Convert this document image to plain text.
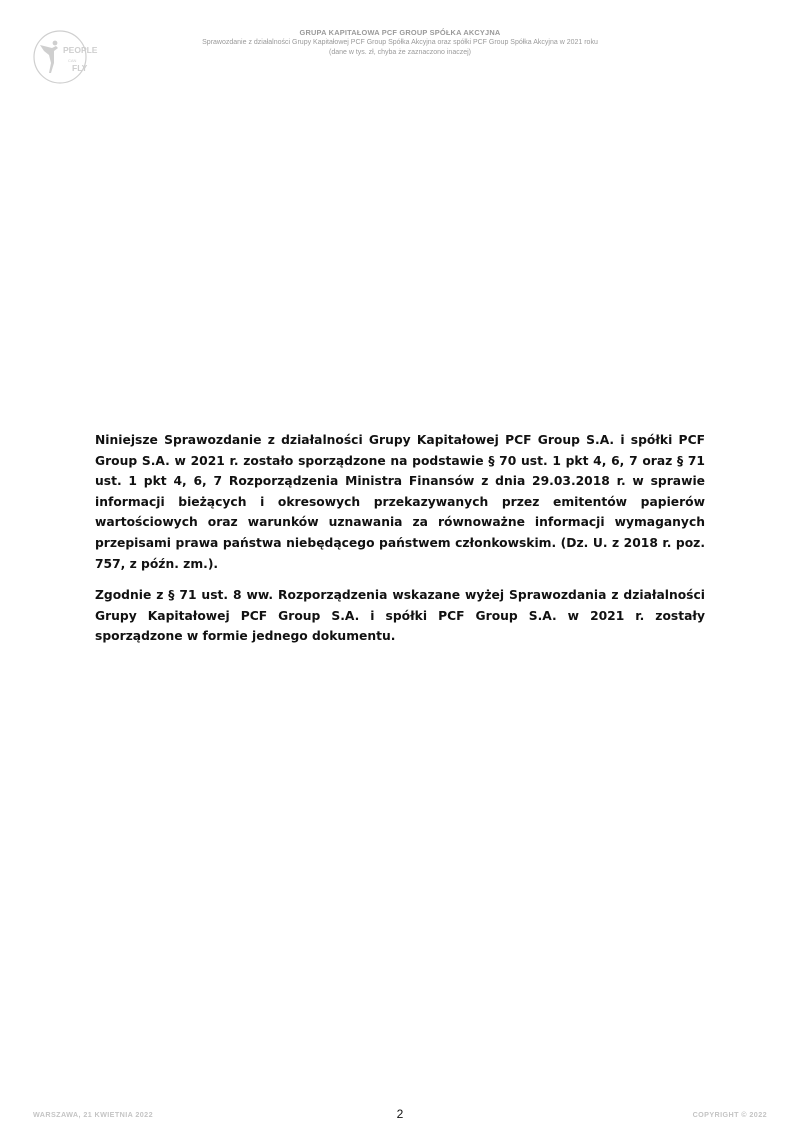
PEOPLE
CAN
FLY
GRUPA KAPITAŁOWA PCF GROUP SPÓŁKA AKCYJNA
Sprawozdanie z działalności Grupy Kapitałowej PCF Group Spółka Akcyjna oraz spółki PCF Group Spółka Akcyjna w 2021 roku
(dane w tys. zł, chyba że zaznaczono inaczej)

Niniejsze Sprawozdanie z działalności Grupy Kapitałowej PCF Group S.A. i spółki PCF Group S.A. w 2021 r. zostało sporządzone na podstawie § 70 ust. 1 pkt 4, 6, 7 oraz § 71 ust. 1 pkt 4, 6, 7 Rozporządzenia Ministra Finansów z dnia 29.03.2018 r. w sprawie informacji bieżących i okresowych przekazywanych przez emitentów papierów wartościowych oraz warunków uznawania za równoważne informacji wymaganych przepisami prawa państwa niebędącego państwem członkowskim. (Dz. U. z 2018 r. poz. 757, z późn. zm.).

Zgodnie z § 71 ust. 8 ww. Rozporządzenia wskazane wyżej Sprawozdania z działalności Grupy Kapitałowej PCF Group S.A. i spółki PCF Group S.A. w 2021 r. zostały sporządzone w formie jednego dokumentu.

WARSZAWA, 21 KWIETNIA 2022	2	COPYRIGHT © 2022
